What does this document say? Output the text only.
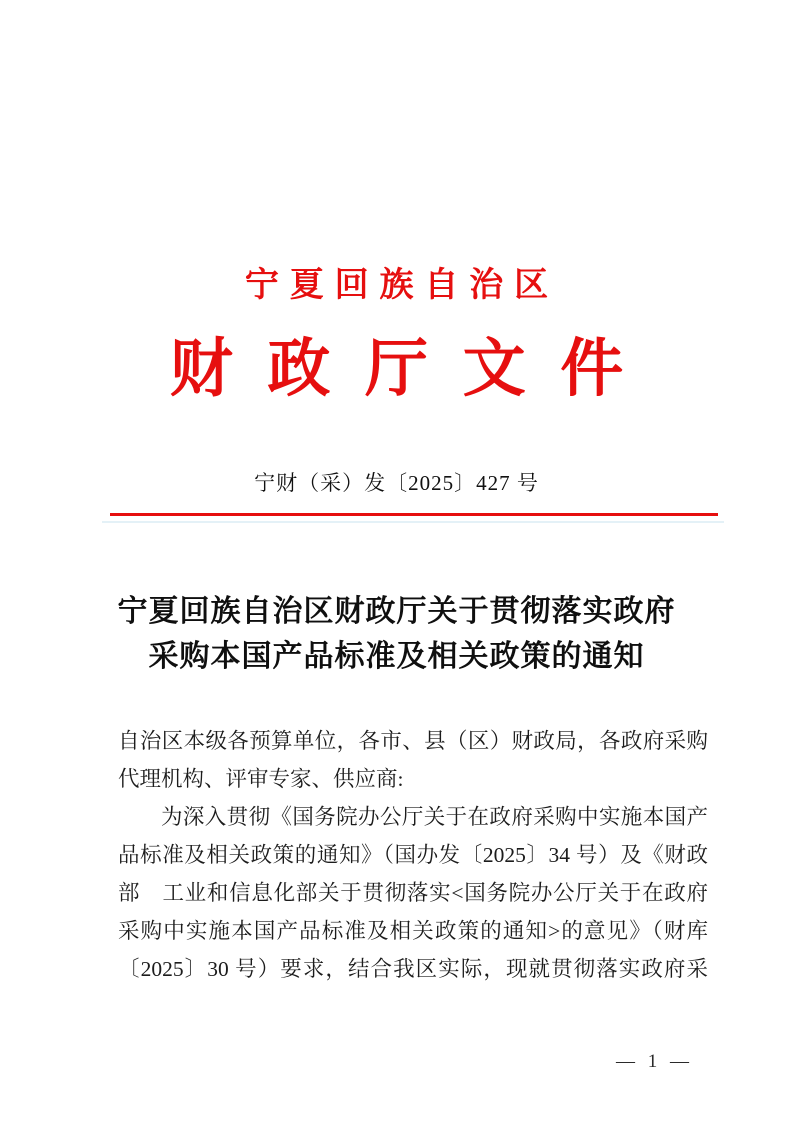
宁夏回族自治区
财政厅文件
宁财（采）发〔2025〕427 号
宁夏回族自治区财政厅关于贯彻落实政府
采购本国产品标准及相关政策的通知
自治区本级各预算单位，各市、县（区）财政局，各政府采购
代理机构、评审专家、供应商:
为深入贯彻《国务院办公厅关于在政府采购中实施本国产
品标准及相关政策的通知》（国办发〔2025〕34 号）及《财政
部　工业和信息化部关于贯彻落实<国务院办公厅关于在政府
采购中实施本国产品标准及相关政策的通知>的意见》（财库
〔2025〕30 号）要求，结合我区实际，现就贯彻落实政府采
— 1 —
